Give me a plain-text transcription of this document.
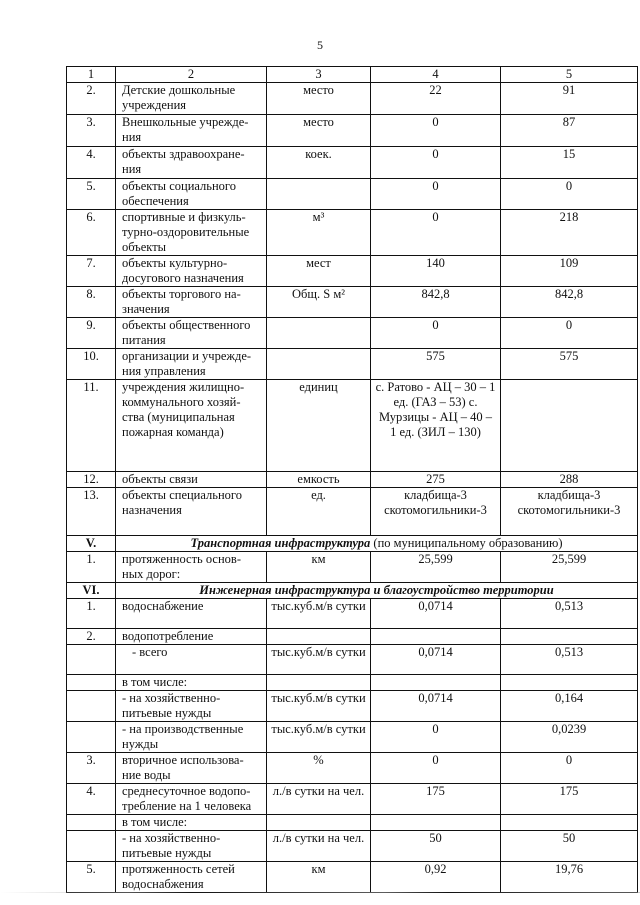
5
1	2	3	4	5
2.	Детские дошкольные учреждения	место	22	91
3.	Внешкольные учрежде-ния	место	0	87
4.	объекты здравоохране-ния	коек.	0	15
5.	объекты социального обеспечения		0	0
6.	спортивные и физкуль-турно-оздоровительные объекты	м³	0	218
7.	объекты культурно-досугового назначения	мест	140	109
8.	объекты торгового на-значения	Общ. S м²	842,8	842,8
9.	объекты общественного питания		0	0
10.	организации и учрежде-ния управления		575	575
11.	учреждения жилищно-коммунального хозяй-ства (муниципальная пожарная команда)	единиц	с. Ратово - АЦ – 30 – 1 ед. (ГАЗ – 53) с. Мурзицы - АЦ – 40 – 1 ед. (ЗИЛ – 130)	
12.	объекты связи	емкость	275	288
13.	объекты специального назначения	ед.	кладбища-3 скотомогильники-3	кладбища-3 скотомогильники-3
V.	Транспортная инфраструктура (по муниципальному образованию)			
1.	протяженность основ-ных дорог:	км	25,599	25,599
VI.	Инженерная инфраструктура и благоустройство территории			
1.	водоснабжение	тыс.куб.м/в сутки	0,0714	0,513
2.	водопотребление			
	- всего	тыс.куб.м/в сутки	0,0714	0,513
	в том числе:			
	- на хозяйственно-питьевые нужды	тыс.куб.м/в сутки	0,0714	0,164
	- на производственные нужды	тыс.куб.м/в сутки	0	0,0239
3.	вторичное использова-ние воды	%	0	0
4.	среднесуточное водопо-требление на 1 человека	л./в сутки на чел.	175	175
	в том числе:			
	- на хозяйственно-питьевые нужды	л./в сутки на чел.	50	50
5.	протяженность сетей водоснабжения	км	0,92	19,76
